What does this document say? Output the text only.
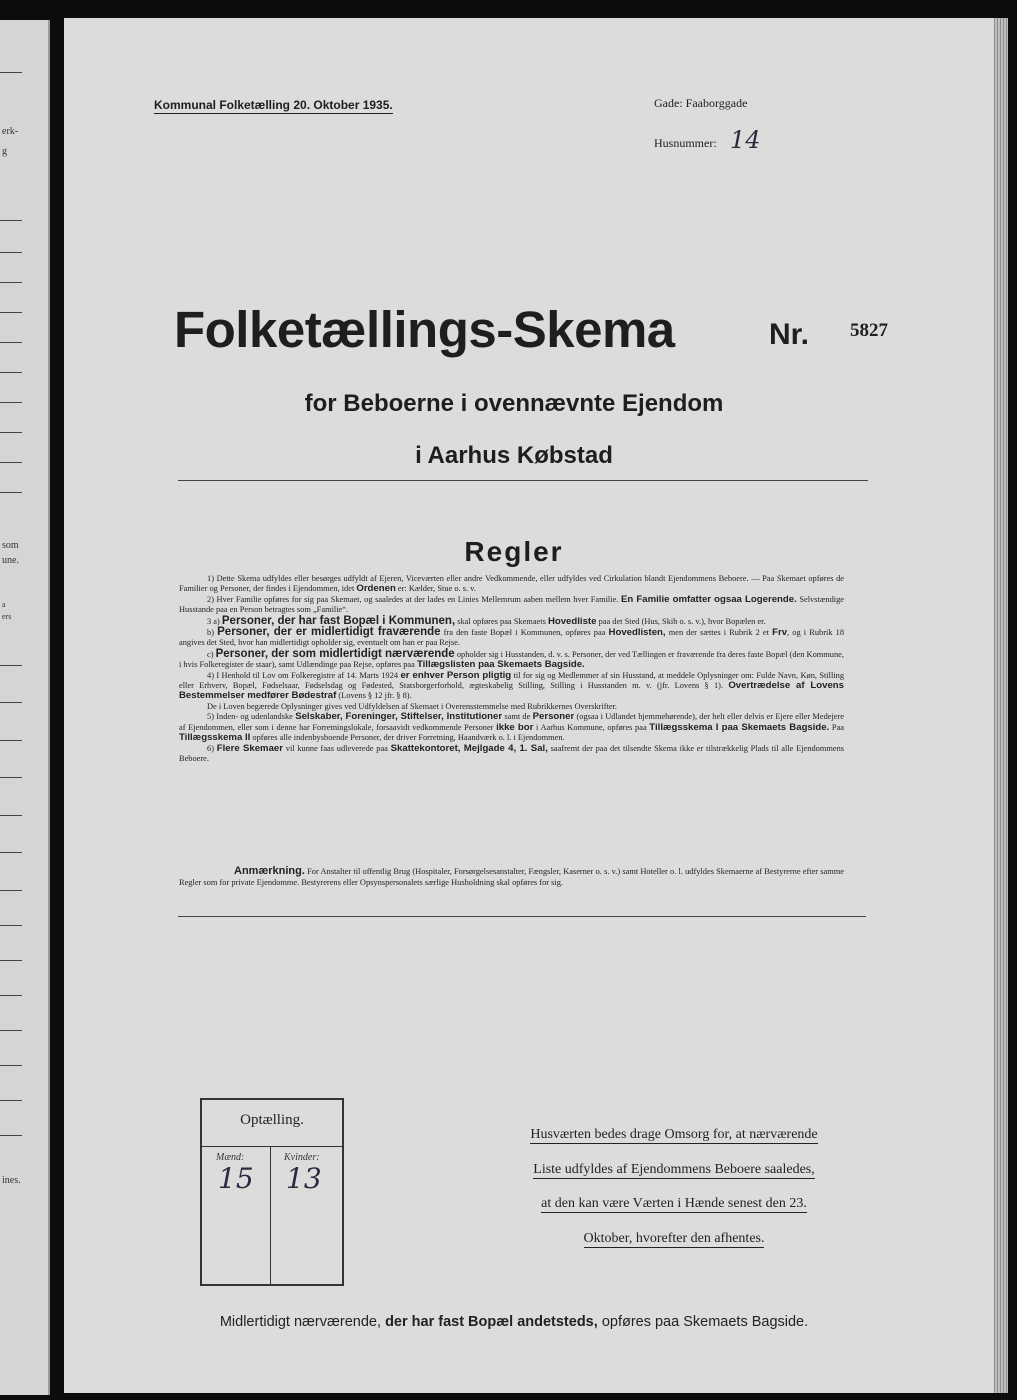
erk-
g
som
une.
a
ers
ines.
Kommunal Folketælling 20. Oktober 1935.	Gade: Faaborggade
Husnummer: 14
Folketællings-Skema	Nr. 5827
for Beboerne i ovennævnte Ejendom
i Aarhus Købstad
Regler

1) Dette Skema udfyldes eller besørges udfyldt af Ejeren, Viceværten eller andre Vedkommende, eller udfyldes ved Cirkulation blandt Ejendommens Beboere. — Paa Skemaet opføres de Familier og Personer, der findes i Ejendommen, idet Ordenen er: Kælder, Stue o. s. v.

2) Hver Familie opføres for sig paa Skemaet, og saaledes at der lades en Linies Mellemrum aaben mellem hver Familie. En Familie omfatter ogsaa Logerende. Selvstændige Husstande paa en Person betragtes som „Familie“.

3 a) Personer, der har fast Bopæl i Kommunen, skal opføres paa Skemaets Hovedliste paa det Sted (Hus, Skib o. s. v.), hvor Bopælen er.

b) Personer, der er midlertidigt fraværende fra den faste Bopæl i Kommunen, opføres paa Hovedlisten, men der sættes i Rubrik 2 et Frv, og i Rubrik 18 angives det Sted, hvor han midlertidigt opholder sig, eventuelt om han er paa Rejse.

c) Personer, der som midlertidigt nærværende opholder sig i Husstanden, d. v. s. Personer, der ved Tællingen er fraværende fra deres faste Bopæl (den Kommune, i hvis Folkeregister de staar), samt Udlændinge paa Rejse, opføres paa Tillægslisten paa Skemaets Bagside.

4) I Henhold til Lov om Folkeregistre af 14. Marts 1924 er enhver Person pligtig til for sig og Medlemmer af sin Husstand, at meddele Oplysninger om: Fulde Navn, Køn, Stilling eller Erhverv, Bopæl, Fødselsaar, Fødselsdag og Fødested, Statsborgerforhold, ægteskabelig Stilling, Stilling i Husstanden m. v. (jfr. Lovens § 1). Overtrædelse af Lovens Bestemmelser medfører Bødestraf (Lovens § 12 jfr. § 8).

De i Loven begærede Oplysninger gives ved Udfyldelsen af Skemaet i Overensstemmelse med Rubrikkernes Overskrifter.

5) Inden- og udenlandske Selskaber, Foreninger, Stiftelser, Institutioner samt de Personer (ogsaa i Udlandet hjemmehørende), der helt eller delvis er Ejere eller Medejere af Ejendommen, eller som i denne har Forretningslokale, forsaavidt vedkommende Personer ikke bor i Aarhus Kommune, opføres paa Tillægsskema I paa Skemaets Bagside. Paa Tillægsskema II opføres alle indenbysboende Personer, der driver Forretning, Haandværk o. l. i Ejendommen.

6) Flere Skemaer vil kunne faas udleverede paa Skattekontoret, Mejlgade 4, 1. Sal, saafremt der paa det tilsendte Skema ikke er tilstrækkelig Plads til alle Ejendommens Beboere.

Anmærkning. For Anstalter til offentlig Brug (Hospitaler, Forsørgelsesanstalter, Fængsler, Kaserner o. s. v.) samt Hoteller o. l. udfyldes Skemaerne af Bestyrerne efter samme Regler som for private Ejendomme. Bestyrerens eller Opsynspersonalets særlige Husholdning skal opføres for sig.
Optælling.
Mænd:	Kvinder:
15 13
Husværten bedes drage Omsorg for, at nærværende
Liste udfyldes af Ejendommens Beboere saaledes,
at den kan være Værten i Hænde senest den 23.
Oktober, hvorefter den afhentes.
Midlertidigt nærværende, der har fast Bopæl andetsteds, opføres paa Skemaets Bagside.
